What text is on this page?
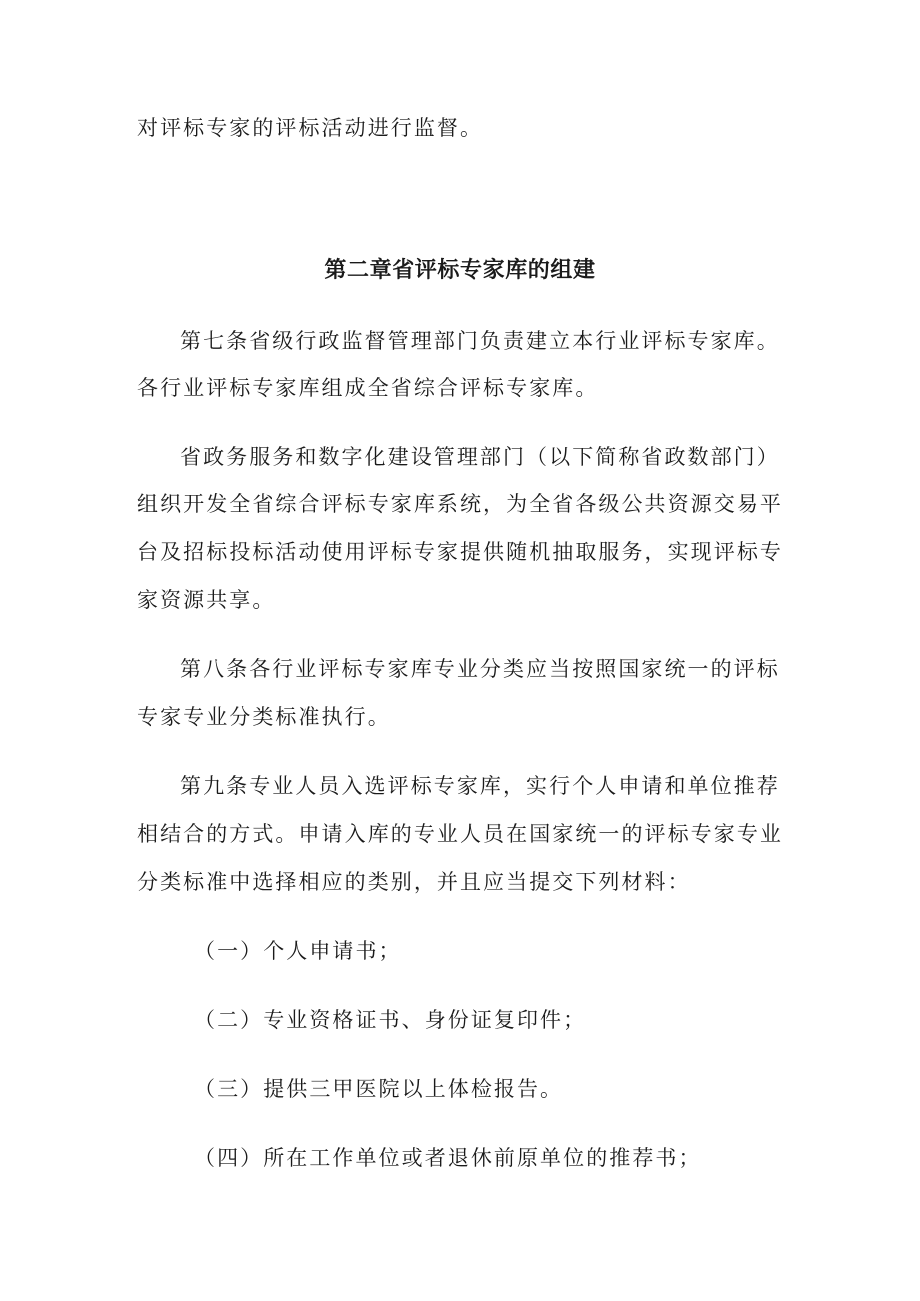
对评标专家的评标活动进行监督。
第二章省评标专家库的组建
第七条省级行政监督管理部门负责建立本行业评标专家库。
各行业评标专家库组成全省综合评标专家库。
省政务服务和数字化建设管理部门（以下简称省政数部门）
组织开发全省综合评标专家库系统，为全省各级公共资源交易平
台及招标投标活动使用评标专家提供随机抽取服务，实现评标专
家资源共享。
第八条各行业评标专家库专业分类应当按照国家统一的评标
专家专业分类标准执行。
第九条专业人员入选评标专家库，实行个人申请和单位推荐
相结合的方式。申请入库的专业人员在国家统一的评标专家专业
分类标准中选择相应的类别，并且应当提交下列材料：
（一）个人申请书；
（二）专业资格证书、身份证复印件；
（三）提供三甲医院以上体检报告。
（四）所在工作单位或者退休前原单位的推荐书；
